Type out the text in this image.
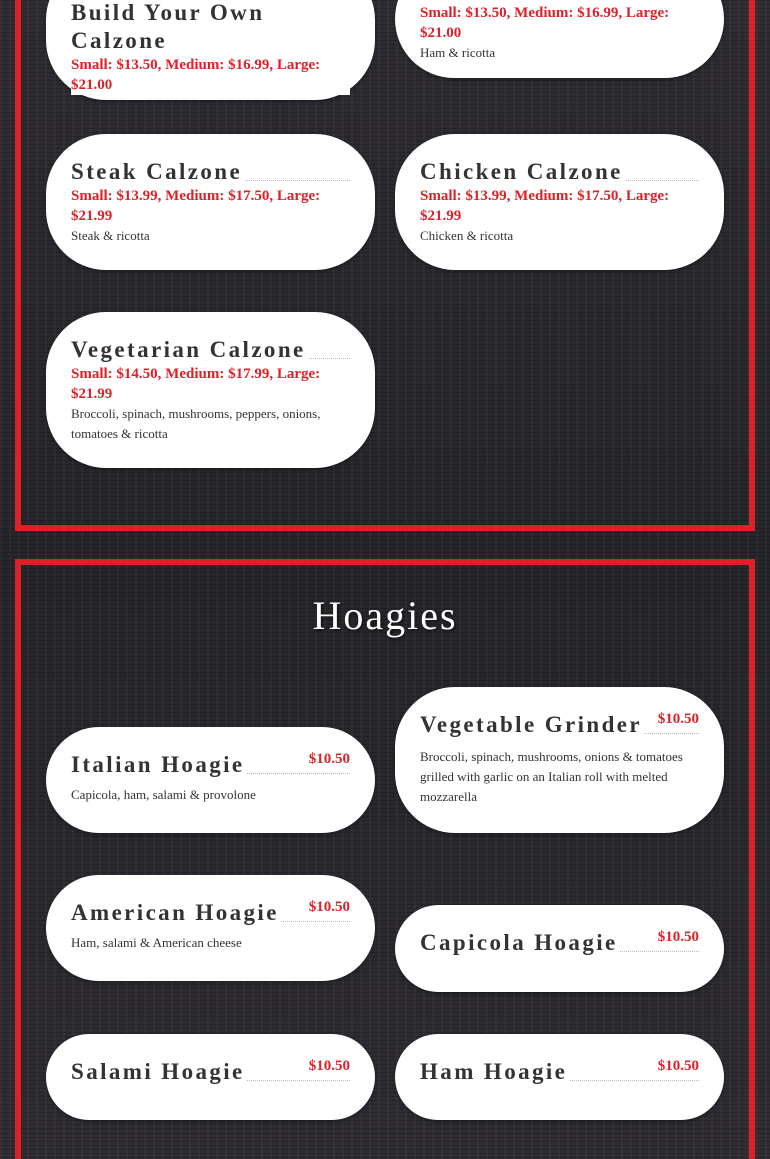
Build Your Own
Calzone
Small: $13.50, Medium: $16.99, Large: $21.00
Small: $13.50, Medium: $16.99, Large: $21.00
Ham & ricotta
Steak Calzone
Small: $13.99, Medium: $17.50, Large: $21.99
Steak & ricotta
Chicken Calzone
Small: $13.99, Medium: $17.50, Large: $21.99
Chicken & ricotta
Vegetarian Calzone
Small: $14.50, Medium: $17.99, Large: $21.99
Broccoli, spinach, mushrooms, peppers, onions, tomatoes & ricotta
Hoagies
Italian Hoagie	$10.50
Capicola, ham, salami & provolone
Vegetable Grinder $10.50
Broccoli, spinach, mushrooms, onions & tomatoes grilled with garlic on an Italian roll with melted mozzarella
American Hoagie $10.50
Ham, salami & American cheese	Capicola Hoagie	$10.50
Salami Hoagie	$10.50	Ham Hoagie	$10.50
